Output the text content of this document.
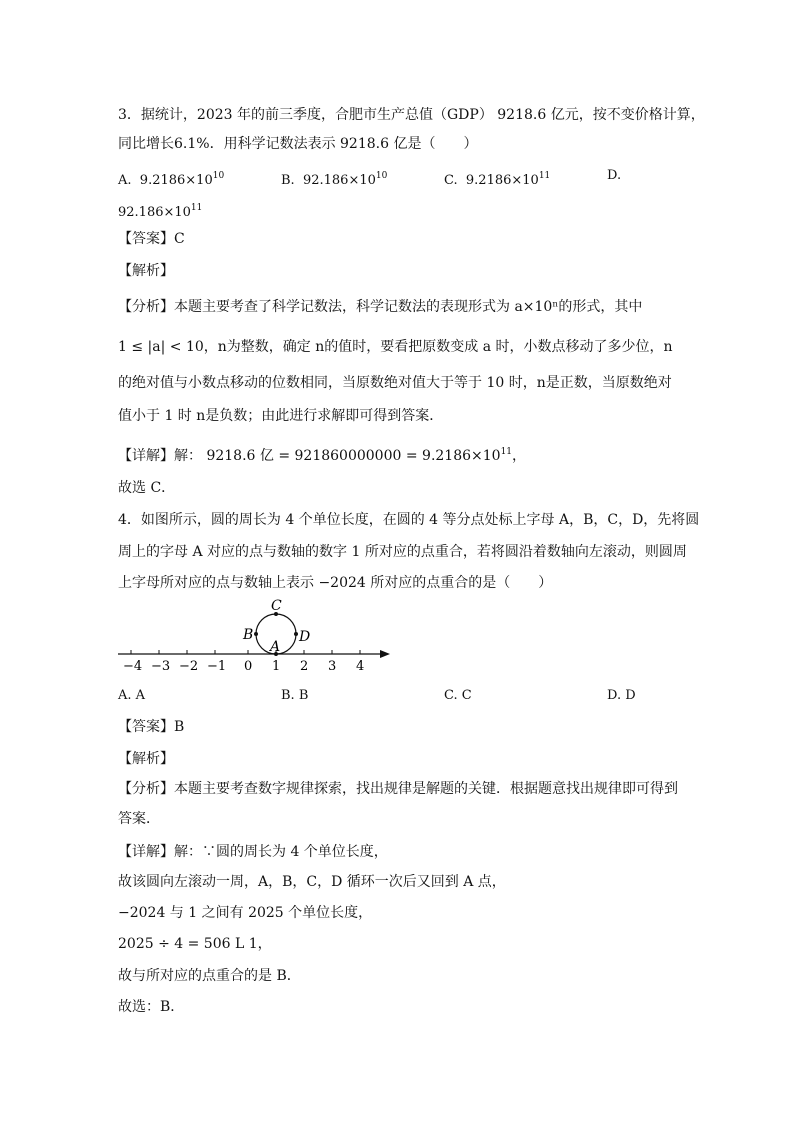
3．据统计，2023 年的前三季度，合肥市生产总值（GDP） 9218.6 亿元，按不变价格计算，
同比增长6.1%．用科学记数法表示 9218.6 亿是（　　）
A. $9.2186\times 10^{10}$	B. $92.186\times 10^{10}$	C. $9.2186\times 10^{11}$	D.
$92.186\times 10^{11}$
【答案】C
【解析】
【分析】本题主要考查了科学记数法，科学记数法的表现形式为 a×10ⁿ的形式，其中
1 ≤ |a| < 10，n为整数，确定 n的值时，要看把原数变成 a 时，小数点移动了多少位，n
的绝对值与小数点移动的位数相同，当原数绝对值大于等于 10 时，n是正数，当原数绝对
值小于 1 时 n是负数；由此进行求解即可得到答案．
【详解】解： 9218.6 亿 = $921860000000 = 9.2186\times 10^{11}$，
故选 C．
4．如图所示，圆的周长为 4 个单位长度，在圆的 4 等分点处标上字母 A，B，C，D，先将圆
周上的字母 A 对应的点与数轴的数字 1 所对应的点重合，若将圆沿着数轴向左滚动，则圆周
上字母所对应的点与数轴上表示 −2024 所对应的点重合的是（　　）
−4 −3 −2 −1 0 1 2 3 4
C
B	D
A
A. A	B. B	C. C	D. D
【答案】B
【解析】
【分析】本题主要考查数字规律探索，找出规律是解题的关键．根据题意找出规律即可得到
答案．
【详解】解：∵圆的周长为 4 个单位长度，
故该圆向左滚动一周，A，B，C，D 循环一次后又回到 A 点，
−2024 与 1 之间有 2025 个单位长度，
2025 ÷ 4 = 506 L 1，
故与所对应的点重合的是 B．
故选：B．
